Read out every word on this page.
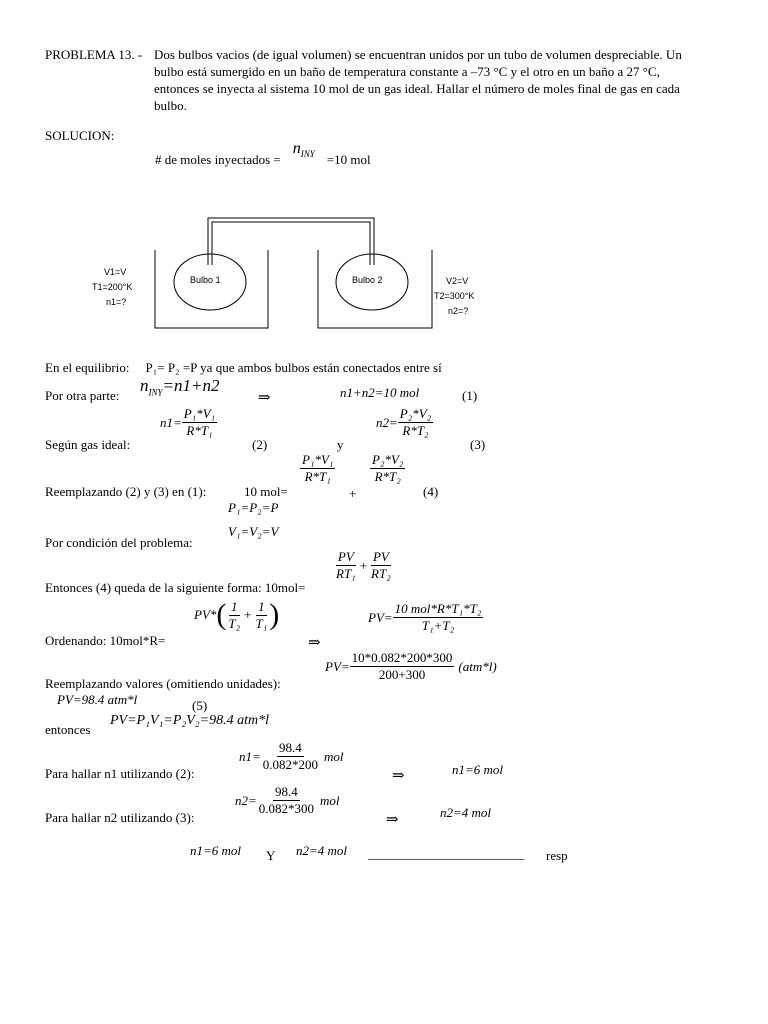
PROBLEMA 13. - Dos bulbos vacios (de igual volumen) se encuentran unidos por un tubo de volumen despreciable. Un
bulbo está sumergido en un baño de temperatura constante a –73 °C y el otro en un baño a 27 °C,
entonces se inyecta al sistema 10 mol de un gas ideal. Hallar el número de moles final de gas en cada
bulbo.
SOLUCION:
# de moles inyectados =
$n_{INY} =10$ mol
Bulbo 1	Bulbo 2
V1=V
T1=200°K
n1=?
V2=V
T2=300°K
n2=?
En el equilibrio: P₁= P₂ =P ya que ambos bulbos están conectados entre sí
Por otra parte:
$n_{INY}=n1+n2$
⇒	n1+n2=10 mol	(1)
Según gas ideal:
$n1= \frac{\text{P₁*V₁}}{\text{R*T₁}}$
(2)	y
$n2= \frac{\text{P₂*V₂}}{\text{R*T₂}}$
(3)
Reemplazando (2) y (3) en (1):	10 mol=
$\frac{\text{P₁*V₁}}{\text{R*T₁}}$
+
$\frac{\text{P₂*V₂}}{\text{R*T₂}}$
(4)
P₁=P₂=P
V₁=V₂=V
Por condición del problema:
Entonces (4) queda de la siguiente forma: 10mol=
$\frac{PV}{\text{RT₁}} + \frac{PV}{\text{RT₂}}$
Ordenando: 10mol*R=
PV* ( $\frac{1}{\text{T₂}} + \frac{1}{\text{T₁}}$ )
⇒
$PV= \frac{\text{10 mol*R*T₁*T₂}}{\text{T₁+T₂}}$
$PV= \frac{10*0.082*200*300}{200+300} (atm*l)$
Reemplazando valores (omitiendo unidades):
PV=98.4 atm*l	(5)
entonces
PV=P₁V₁=P₂V₂=98.4 atm*l
Para hallar n1 utilizando (2):
$n1= \frac{98.4}{0.082*200}$ mol
⇒	n1=6 mol
Para hallar n2 utilizando (3):
$n2= \frac{98.4}{0.082*300}$ mol
⇒	n2=4 mol
n1=6 mol Y n2=4 mol __________________________ resp
